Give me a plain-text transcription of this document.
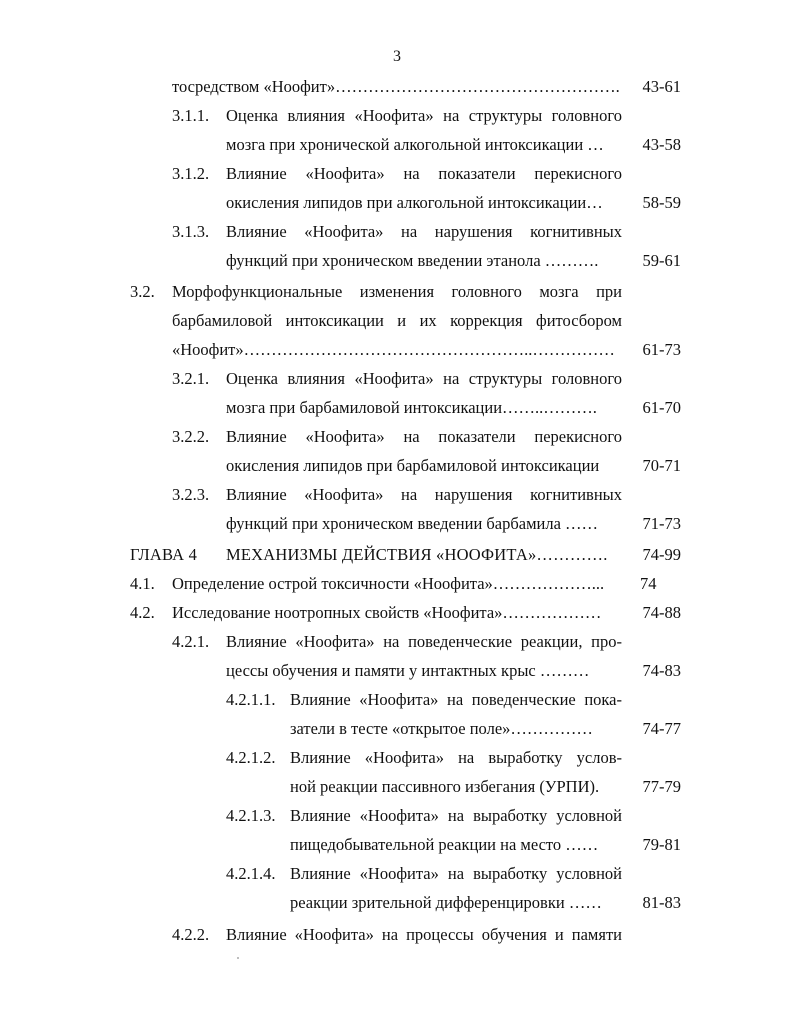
3
тосредством «Ноофит»…………………………………………….	43-61
3.1.1. Оценка влияния «Ноофита» на структуры головного
мозга при хронической алкогольной интоксикации …	43-58
3.1.2. Влияние «Ноофита» на показатели перекисного
окисления липидов при алкогольной интоксикации…	58-59
3.1.3. Влияние «Ноофита» на нарушения когнитивных
функций при хроническом введении этанола ……….	59-61
3.2. Морфофункциональные изменения головного мозга при
барбамиловой интоксикации и их коррекция фитосбором
«Ноофит»……………………………………………..……………	61-73
3.2.1. Оценка влияния «Ноофита» на структуры головного
мозга при барбамиловой интоксикации……..……….	61-70
3.2.2. Влияние «Ноофита» на показатели перекисного
окисления липидов при барбамиловой интоксикации	70-71
3.2.3. Влияние «Ноофита» на нарушения когнитивных
функций при хроническом введении барбамила ……	71-73
ГЛАВА 4 МЕХАНИЗМЫ ДЕЙСТВИЯ «НООФИТА»………….	74-99
4.1. Определение острой токсичности «Ноофита»………………... 74
4.2. Исследование ноотропных свойств «Ноофита»………………	74-88
4.2.1. Влияние «Ноофита» на поведенческие реакции, про-
цессы обучения и памяти у интактных крыс ………	74-83
4.2.1.1. Влияние «Ноофита» на поведенческие пока-
затели в тесте «открытое поле»……………	74-77
4.2.1.2. Влияние «Ноофита» на выработку услов-
ной реакции пассивного избегания (УРПИ).	77-79
4.2.1.3. Влияние «Ноофита» на выработку условной
пищедобывательной реакции на место ……	79-81
4.2.1.4. Влияние «Ноофита» на выработку условной
реакции зрительной дифференцировки ……	81-83
4.2.2. Влияние «Ноофита» на процессы обучения и памяти
